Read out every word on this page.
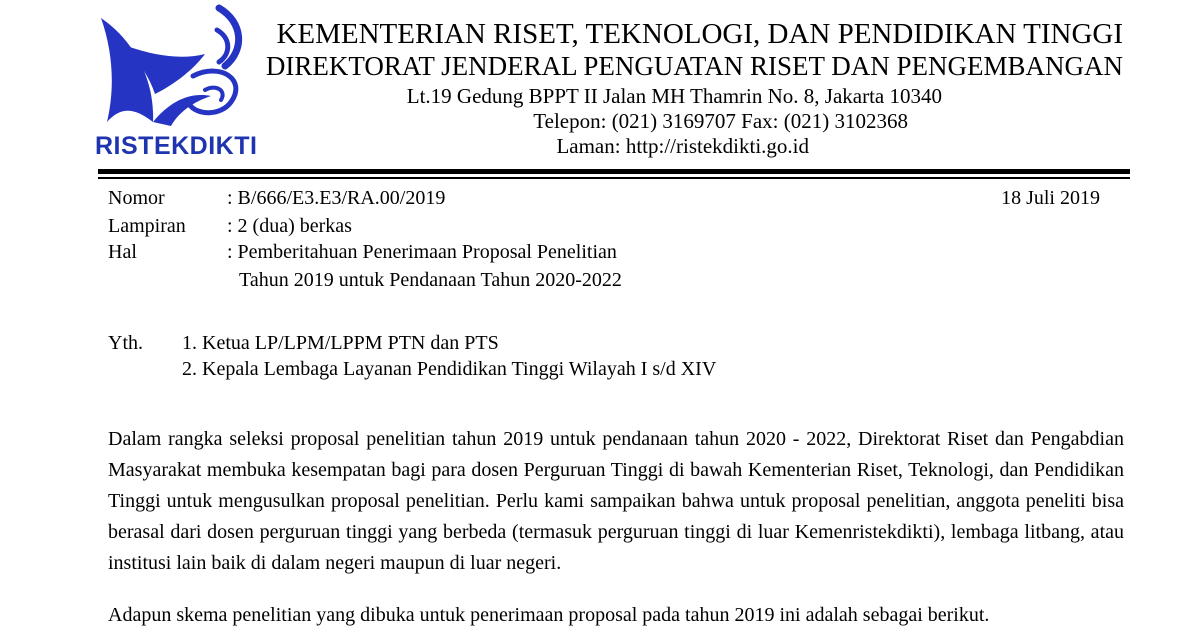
RISTEKDIKTI
KEMENTERIAN RISET, TEKNOLOGI, DAN PENDIDIKAN TINGGI
DIREKTORAT JENDERAL PENGUATAN RISET DAN PENGEMBANGAN
Lt.19 Gedung BPPT II Jalan MH Thamrin No. 8, Jakarta 10340
Telepon: (021) 3169707 Fax: (021) 3102368
Laman: http://ristekdikti.go.id
Nomor	: B/666/E3.E3/RA.00/2019	18 Juli 2019
Lampiran : 2 (dua) berkas
Hal	: Pemberitahuan Penerimaan Proposal Penelitian
Tahun 2019 untuk Pendanaan Tahun 2020-2022
Yth. 1. Ketua LP/LPM/LPPM PTN dan PTS
2. Kepala Lembaga Layanan Pendidikan Tinggi Wilayah I s/d XIV
Dalam rangka seleksi proposal penelitian tahun 2019 untuk pendanaan tahun 2020 - 2022, Direktorat Riset dan Pengabdian Masyarakat membuka kesempatan bagi para dosen Perguruan Tinggi di bawah Kementerian Riset, Teknologi, dan Pendidikan Tinggi untuk mengusulkan proposal penelitian. Perlu kami sampaikan bahwa untuk proposal penelitian, anggota peneliti bisa berasal dari dosen perguruan tinggi yang berbeda (termasuk perguruan tinggi di luar Kemenristekdikti), lembaga litbang, atau institusi lain baik di dalam negeri maupun di luar negeri.
Adapun skema penelitian yang dibuka untuk penerimaan proposal pada tahun 2019 ini adalah sebagai berikut.
